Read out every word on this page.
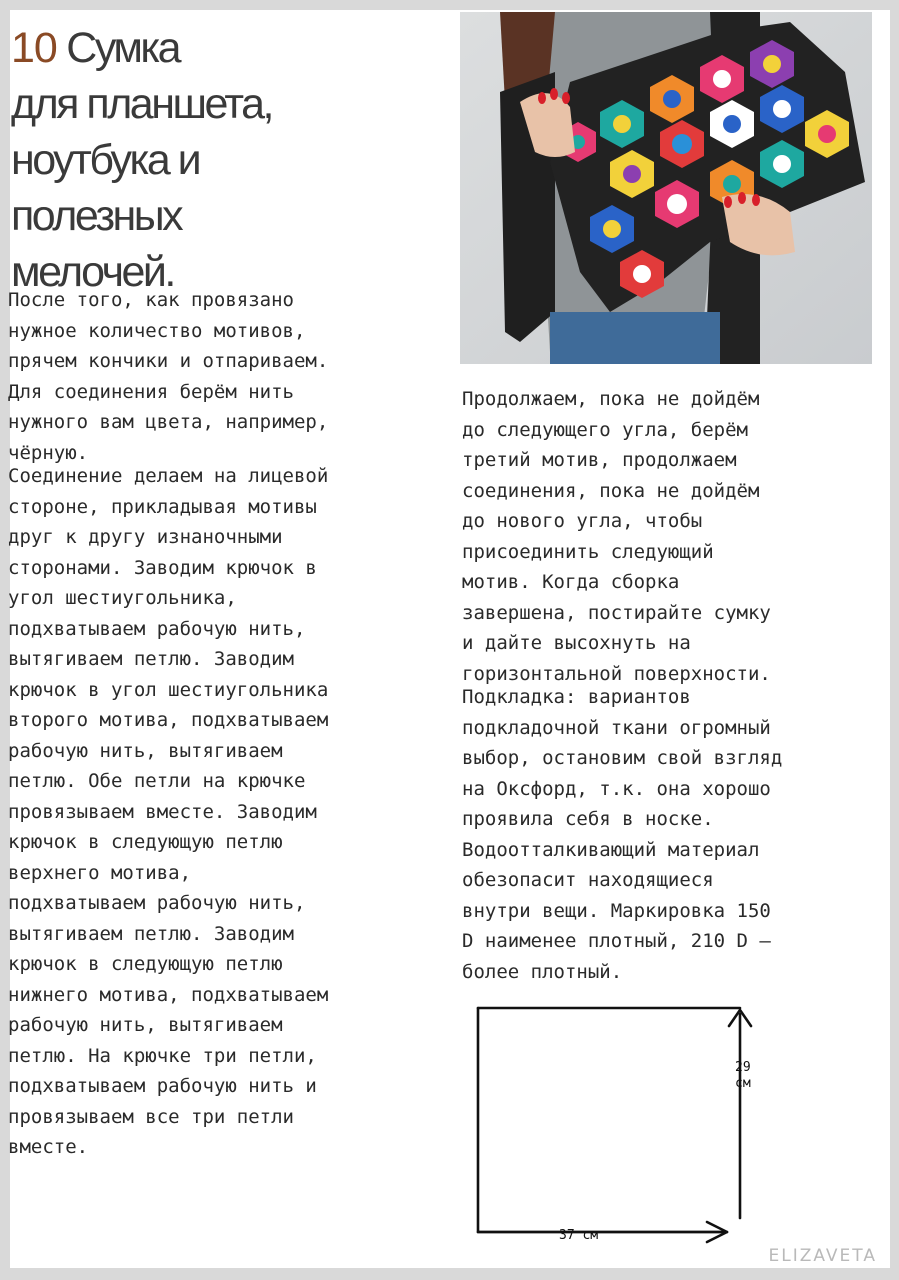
10 Сумка
для планшета,
ноутбука и
полезных
мелочей.

После того, как провязано
нужное количество мотивов,
прячем кончики и отпариваем.
Для соединения берём нить
нужного вам цвета, например,
чёрную.

Соединение делаем на лицевой
стороне, прикладывая мотивы
друг к другу изнаночными
сторонами. Заводим крючок в
угол шестиугольника,
подхватываем рабочую нить,
вытягиваем петлю. Заводим
крючок в угол шестиугольника
второго мотива, подхватываем
рабочую нить, вытягиваем
петлю. Обе петли на крючке
провязываем вместе. Заводим
крючок в следующую петлю
верхнего мотива,
подхватываем рабочую нить,
вытягиваем петлю. Заводим
крючок в следующую петлю
нижнего мотива, подхватываем
рабочую нить, вытягиваем
петлю. На крючке три петли,
подхватываем рабочую нить и
провязываем все три петли
вместе.

Продолжаем, пока не дойдём
до следующего угла, берём
третий мотив, продолжаем
соединения, пока не дойдём
до нового угла, чтобы
присоединить следующий
мотив. Когда сборка
завершена, постирайте сумку
и дайте высохнуть на
горизонтальной поверхности.

Подкладка: вариантов
подкладочной ткани огромный
выбор, остановим свой взгляд
на Оксфорд, т.к. она хорошо
проявила себя в носке.
Водоотталкивающий материал
обезопасит находящиеся
внутри вещи. Маркировка 150
D наименее плотный, 210 D –
более плотный.

29
см
37 см
ELIZAVETA
